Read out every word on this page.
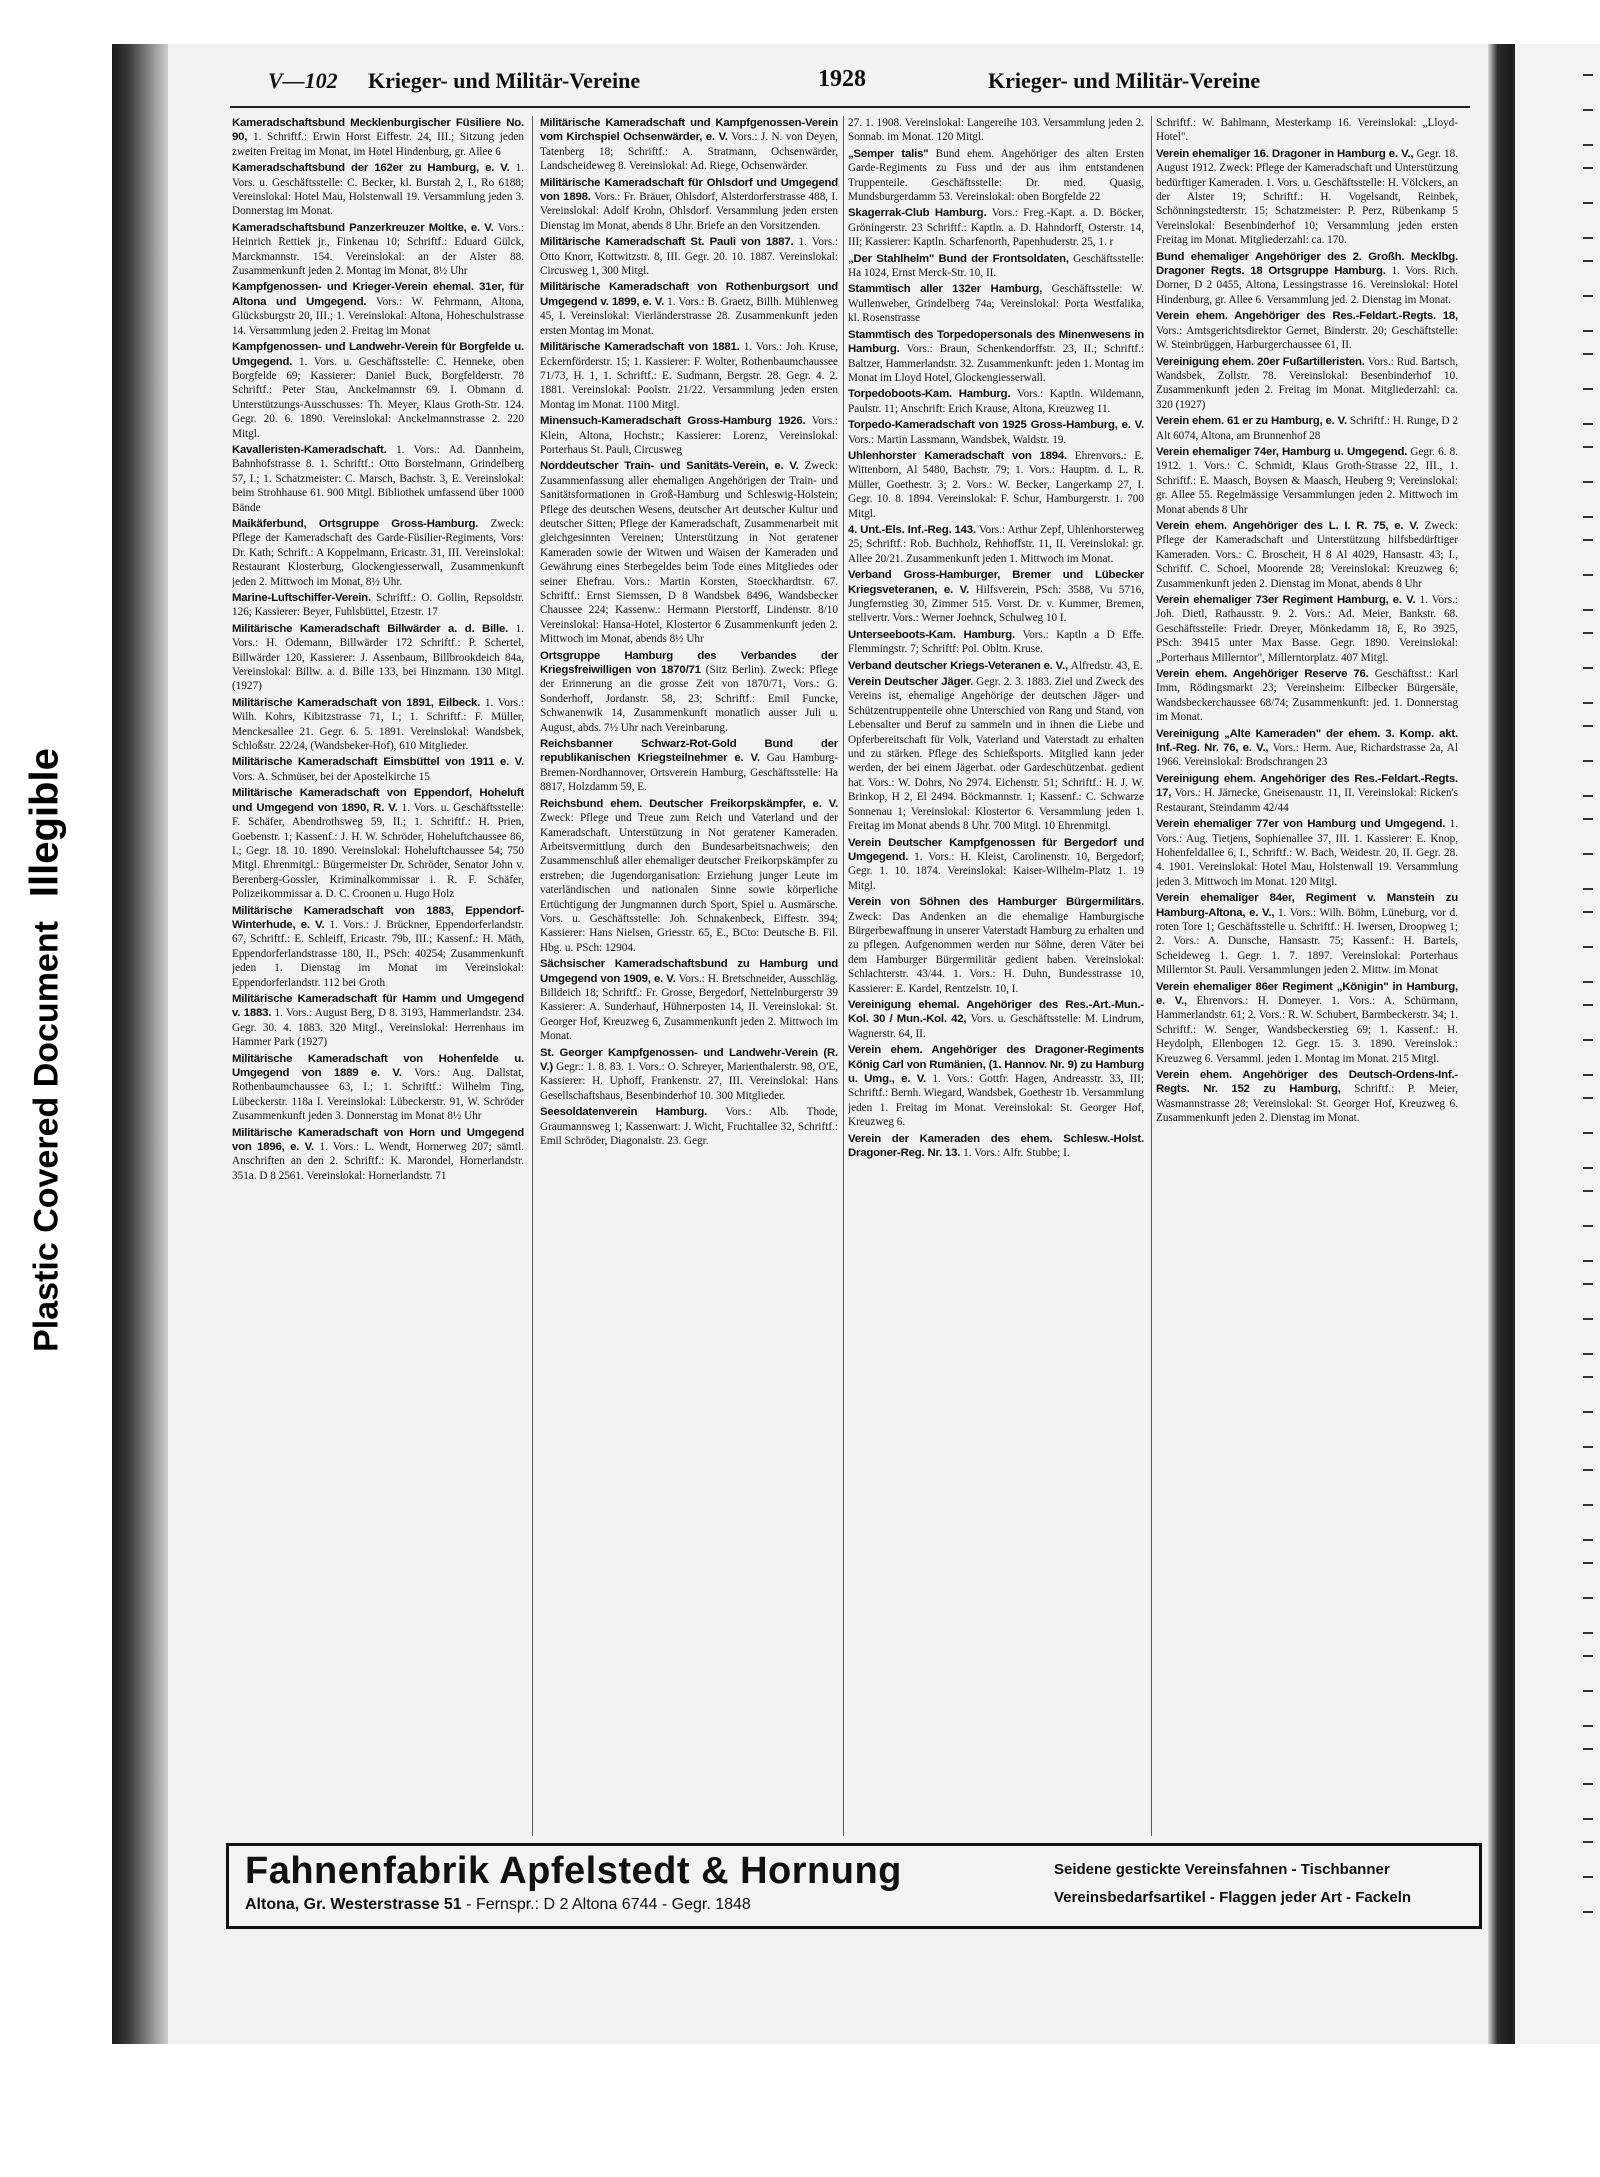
Plastic Covered DocumentIllegible
V—102 Krieger- und Militär-Vereine	1928	Krieger- und Militär-Vereine

Kameradschaftsbund Mecklenburgischer Füsiliere No. 90, 1. Schriftf.: Erwin Horst Eiffestr. 24, III.; Sitzung jeden zweiten Freitag im Monat, im Hotel Hindenburg, gr. Allee 6

Kameradschaftsbund der 162er zu Hamburg, e. V. 1. Vors. u. Geschäftsstelle: C. Becker, kl. Burstah 2, I., Ro 6188; Vereinslokal: Hotel Mau, Holstenwall 19. Versammlung jeden 3. Donnerstag im Monat.

Kameradschaftsbund Panzerkreuzer Moltke, e. V. Vors.: Heinrich Rettiek jr., Finkenau 10; Schriftf.: Eduard Gülck, Marckmannstr. 154. Vereinslokal: an der Alster 88. Zusammenkunft jeden 2. Montag im Monat, 8½ Uhr

Kampfgenossen- und Krieger-Verein ehemal. 31er, für Altona und Umgegend. Vors.: W. Fehrmann, Altona, Glücksburgstr 20, III.; 1. Vereinslokal: Altona, Hoheschulstrasse 14. Versammlung jeden 2. Freitag im Monat

Kampfgenossen- und Landwehr-Verein für Borgfelde u. Umgegend. 1. Vors. u. Geschäftsstelle: C. Henneke, oben Borgfelde 69; Kassierer: Daniel Buck, Borgfelderstr. 78 Schriftf.: Peter Stau, Anckelmannstr 69. I. Obmann d. Unterstützungs-Ausschusses: Th. Meyer, Klaus Groth-Str. 124. Gegr. 20. 6. 1890. Vereinslokal: Anckelmannstrasse 2. 220 Mitgl.

Kavalleristen-Kameradschaft. 1. Vors.: Ad. Dannheim, Bahnhofstrasse 8. 1. Schriftf.: Otto Borstelmann, Grindelberg 57, I.; 1. Schatzmeister: C. Marsch, Bachstr. 3, E. Vereinslokal: beim Strohhause 61. 900 Mitgl. Bibliothek umfassend über 1000 Bände

Maikäferbund, Ortsgruppe Gross-Hamburg. Zweck: Pflege der Kameradschaft des Garde-Füsilier-Regiments, Vors: Dr. Kath; Schrift.: A Koppelmann, Ericastr. 31, III. Vereinslokal: Restaurant Klosterburg, Glockengiesserwall, Zusammenkunft jeden 2. Mittwoch im Monat, 8½ Uhr.

Marine-Luftschiffer-Verein. Schriftf.: O. Gollin, Repsoldstr. 126; Kassierer: Beyer, Fuhlsbüttel, Etzestr. 17

Militärische Kameradschaft Billwärder a. d. Bille. 1. Vors.: H. Odemann, Billwärder 172 Schriftf.: P. Schertel, Billwärder 120, Kassierer: J. Assenbaum, Billbrookdeich 84a, Vereinslokal: Billw. a. d. Bille 133, bei Hinzmann. 130 Mitgl. (1927)

Militärische Kameradschaft von 1891, Eilbeck. 1. Vors.: Wilh. Kohrs, Kibitzstrasse 71, I.; 1. Schriftf.: F. Müller, Menckesallee 21. Gegr. 6. 5. 1891. Vereinslokal: Wandsbek, Schloßstr. 22/24, (Wandsbeker-Hof), 610 Mitglieder.

Militärische Kameradschaft Eimsbüttel von 1911 e. V. Vors. A. Schmüser, bei der Apostelkirche 15

Militärische Kameradschaft von Eppendorf, Hoheluft und Umgegend von 1890, R. V. 1. Vors. u. Geschäftsstelle: F. Schäfer, Abendrothsweg 59, II.; 1. Schriftf.: H. Prien, Goebenstr. 1; Kassenf.: J. H. W. Schröder, Hoheluftchaussee 86, I.; Gegr. 18. 10. 1890. Vereinslokal: Hoheluftchaussee 54; 750 Mitgl. Ehrenmitgl.: Bürgermeister Dr. Schröder, Senator John v. Berenberg-Gossler, Kriminalkommissar i. R. F. Schäfer, Polizeikommissar a. D. C. Croonen u. Hugo Holz

Militärische Kameradschaft von 1883, Eppendorf-Winterhude, e. V. 1. Vors.: J. Brückner, Eppendorferlandstr. 67, Schriftf.: E. Schleiff, Ericastr. 79b, III.; Kassenf.: H. Mäth, Eppendorferlandstrasse 180, II., PSch: 40254; Zusammenkunft jeden 1. Dienstag im Monat im Vereinslokal: Eppendorferlandstr. 112 bei Groth

Militärische Kameradschaft für Hamm und Umgegend v. 1883. 1. Vors.: August Berg, D 8. 3193, Hammerlandstr. 234. Gegr. 30. 4. 1883. 320 Mitgl., Vereinslokal: Herrenhaus im Hammer Park (1927)

Militärische Kameradschaft von Hohenfelde u. Umgegend von 1889 e. V. Vors.: Aug. Dallstat, Rothenbaumchaussee 63, I.; 1. Schriftf.: Wilhelm Ting, Lübeckerstr. 118a I. Vereinslokal: Lübeckerstr. 91, W. Schröder Zusammenkunft jeden 3. Donnerstag im Monat 8½ Uhr

Militärische Kameradschaft von Horn und Umgegend von 1896, e. V. 1. Vors.: L. Wendt, Hornerweg 207; sämtl. Anschriften an den 2. Schriftf.: K. Marondel, Hornerlandstr. 351a. D 8 2561. Vereinslokal: Hornerlandstr. 71

Militärische Kameradschaft und Kampfgenossen-Verein vom Kirchspiel Ochsenwärder, e. V. Vors.: J. N. von Deyen, Tatenberg 18; Schriftf.: A. Stratmann, Ochsenwärder, Landscheideweg 8. Vereinslokal: Ad. Riege, Ochsenwärder.

Militärische Kameradschaft für Ohlsdorf und Umgegend von 1898. Vors.: Fr. Bräuer, Ohlsdorf, Alsterdorferstrasse 488, I. Vereinslokal: Adolf Krohn, Ohlsdorf. Versammlung jeden ersten Dienstag im Monat, abends 8 Uhr. Briefe an den Vorsitzenden.

Militärische Kameradschaft St. Pauli von 1887. 1. Vors.: Otto Knorr, Kottwitzstr. 8, III. Gegr. 20. 10. 1887. Vereinslokal: Circusweg 1, 300 Mitgl.

Militärische Kameradschaft von Rothenburgsort und Umgegend v. 1899, e. V. 1. Vors.: B. Graetz, Billh. Mühlenweg 45, I. Vereinslokal: Vierländerstrasse 28. Zusammenkunft jeden ersten Montag im Monat.

Militärische Kameradschaft von 1881. 1. Vors.: Joh. Kruse, Eckernförderstr. 15; 1. Kassierer: F. Wolter, Rothenbaumchaussee 71/73, H. 1, 1. Schriftf.: E. Sudmann, Bergstr. 28. Gegr. 4. 2. 1881. Vereinslokal: Poolstr. 21/22. Versammlung jeden ersten Montag im Monat. 1100 Mitgl.

Minensuch-Kameradschaft Gross-Hamburg 1926. Vors.: Klein, Altona, Hochstr.; Kassierer: Lorenz, Vereinslokal: Porterhaus St. Pauli, Circusweg

Norddeutscher Train- und Sanitäts-Verein, e. V. Zweck: Zusammenfassung aller ehemaligen Angehörigen der Train- und Sanitätsformationen in Groß-Hamburg und Schleswig-Holstein; Pflege des deutschen Wesens, deutscher Art deutscher Kultur und deutscher Sitten; Pflege der Kameradschaft, Zusammenarbeit mit gleichgesinnten Vereinen; Unterstützung in Not geratener Kameraden sowie der Witwen und Waisen der Kameraden und Gewährung eines Sterbegeldes beim Tode eines Mitgliedes oder seiner Ehefrau. Vors.: Martin Korsten, Stoeckhardtstr. 67. Schriftf.: Ernst Siemssen, D 8 Wandsbek 8496, Wandsbecker Chaussee 224; Kassenw.: Hermann Pierstorff, Lindenstr. 8/10 Vereinslokal: Hansa-Hotel, Klostertor 6 Zusammenkunft jeden 2. Mittwoch im Monat, abends 8½ Uhr

Ortsgruppe Hamburg des Verbandes der Kriegsfreiwilligen von 1870/71 (Sitz Berlin). Zweck: Pflege der Erinnerung an die grosse Zeit von 1870/71, Vors.: G. Sonderhoff, Jordanstr. 58, 23; Schriftf.: Emil Funcke, Schwanenwik 14, Zusammenkunft monatlich ausser Juli u. August, abds. 7½ Uhr nach Vereinbarung.

Reichsbanner Schwarz-Rot-Gold Bund der republikanischen Kriegsteilnehmer e. V. Gau Hamburg-Bremen-Nordhannover, Ortsverein Hamburg, Geschäftsstelle: Ha 8817, Holzdamm 59, E.

Reichsbund ehem. Deutscher Freikorpskämpfer, e. V. Zweck: Pflege und Treue zum Reich und Vaterland und der Kameradschaft. Unterstützung in Not geratener Kameraden. Arbeitsvermittlung durch den Bundesarbeitsnachweis; den Zusammenschluß aller ehemaliger deutscher Freikorpskämpfer zu erstreben; die Jugendorganisation: Erziehung junger Leute im vaterländischen und nationalen Sinne sowie körperliche Ertüchtigung der Jungmannen durch Sport, Spiel u. Ausmärsche. Vors. u. Geschäftsstelle: Joh. Schnakenbeck, Eiffestr. 394; Kassierer: Hans Nielsen, Griesstr. 65, E., BCto: Deutsche B. Fil. Hbg. u. PSch: 12904.

Sächsischer Kameradschaftsbund zu Hamburg und Umgegend von 1909, e. V. Vors.: H. Bretschneider, Ausschläg. Billdeich 18; Schriftf.: Fr. Grosse, Bergedorf, Nettelnburgerstr 39 Kassierer: A. Sunderhauf, Hühnerposten 14, II. Vereinslokal: St. Georger Hof, Kreuzweg 6, Zusammenkunft jeden 2. Mittwoch im Monat.

St. Georger Kampfgenossen- und Landwehr-Verein (R. V.) Gegr.: 1. 8. 83. 1. Vors.: O. Schreyer, Marienthalerstr. 98, O'E, Kassierer: H. Uphoff, Frankenstr. 27, III. Vereinslokal: Hans Gesellschaftshaus, Besenbinderhof 10. 300 Mitglieder.

Seesoldatenverein Hamburg. Vors.: Alb. Thode, Graumannsweg 1; Kassenwart: J. Wicht, Fruchtallee 32, Schriftf.: Emil Schröder, Diagonalstr. 23. Gegr.

27. 1. 1908. Vereinslokal: Langereihe 103. Versammlung jeden 2. Sonnab. im Monat. 120 Mitgl.

„Semper talis" Bund ehem. Angehöriger des alten Ersten Garde-Regiments zu Fuss und der aus ihm entstandenen Truppenteile. Geschäftsstelle: Dr. med. Quasig, Mundsburgerdamm 53. Vereinslokal: oben Borgfelde 22

Skagerrak-Club Hamburg. Vors.: Freg.-Kapt. a. D. Böcker, Gröningerstr. 23 Schriftf.: Kaptln. a. D. Hahndorff, Osterstr. 14, III; Kassierer: Kaptln. Scharfenorth, Papenhuderstr. 25, 1. r

„Der Stahlhelm" Bund der Frontsoldaten, Geschäftsstelle: Ha 1024, Ernst Merck-Str. 10, II.

Stammtisch aller 132er Hamburg, Geschäftsstelle: W. Wullenweber, Grindelberg 74a; Vereinslokal: Porta Westfalika, kl. Rosenstrasse

Stammtisch des Torpedopersonals des Minenwesens in Hamburg. Vors.: Braun, Schenkendorffstr. 23, II.; Schriftf.: Baltzer, Hammerlandstr. 32. Zusammenkunft: jeden 1. Montag im Monat im Lloyd Hotel, Glockengiesserwall.

Torpedoboots-Kam. Hamburg. Vors.: Kaptln. Wildemann, Paulstr. 11; Anschrift: Erich Krause, Altona, Kreuzweg 11.

Torpedo-Kameradschaft von 1925 Gross-Hamburg, e. V. Vors.: Martin Lassmann, Wandsbek, Waldstr. 19.

Uhlenhorster Kameradschaft von 1894. Ehrenvors.: E. Wittenborn, Al 5480, Bachstr. 79; 1. Vors.: Hauptm. d. L. R. Müller, Goethestr. 3; 2. Vors.: W. Becker, Langerkamp 27, I. Gegr. 10. 8. 1894. Vereinslokal: F. Schur, Hamburgerstr. 1. 700 Mitgl.

4. Unt.-Els. Inf.-Reg. 143. Vors.: Arthur Zepf, Uhlenhorsterweg 25; Schriftf.: Rob. Buchholz, Rehhoffstr. 11, II. Vereinslokal: gr. Allee 20/21. Zusammenkunft jeden 1. Mittwoch im Monat.

Verband Gross-Hamburger, Bremer und Lübecker Kriegsveteranen, e. V. Hilfsverein, PSch: 3588, Vu 5716, Jungfernstieg 30, Zimmer 515. Vorst. Dr. v. Kummer, Bremen, stellvertr. Vors.: Werner Joehnck, Schulweg 10 I.

Unterseeboots-Kam. Hamburg. Vors.: Kaptln a D Effe. Flemmingstr. 7; Schriftf: Pol. Obltn. Kruse.

Verband deutscher Kriegs-Veteranen e. V., Alfredstr. 43, E.

Verein Deutscher Jäger. Gegr. 2. 3. 1883. Ziel und Zweck des Vereins ist, ehemalige Angehörige der deutschen Jäger- und Schützentruppenteile ohne Unterschied von Rang und Stand, von Lebensalter und Beruf zu sammeln und in ihnen die Liebe und Opferbereitschaft für Volk, Vaterland und Vaterstadt zu erhalten und zu stärken. Pflege des Schießsports. Mitglied kann jeder werden, der bei einem Jägerbat. oder Gardeschützenbat. gedient hat. Vors.: W. Dohrs, No 2974. Eichenstr. 51; Schriftf.: H. J. W. Brinkop, H 2, El 2494. Böckmannstr. 1; Kassenf.: C. Schwarze Sonnenau 1; Vereinslokal: Klostertor 6. Versammlung jeden 1. Freitag im Monat abends 8 Uhr. 700 Mitgl. 10 Ehrenmitgl.

Verein Deutscher Kampfgenossen für Bergedorf und Umgegend. 1. Vors.: H. Kleist, Carolinenstr. 10, Bergedorf; Gegr. 1. 10. 1874. Vereinslokal: Kaiser-Wilhelm-Platz 1. 19 Mitgl.

Verein von Söhnen des Hamburger Bürgermilitärs. Zweck: Das Andenken an die ehemalige Hamburgische Bürgerbewaffnung in unserer Vaterstadt Hamburg zu erhalten und zu pflegen. Aufgenommen werden nur Söhne, deren Väter bei dem Hamburger Bürgermilitär gedient haben. Vereinslokal: Schlachterstr. 43/44. 1. Vors.: H. Duhn, Bundesstrasse 10, Kassierer: E. Kardel, Rentzelstr. 10, I.

Vereinigung ehemal. Angehöriger des Res.-Art.-Mun.-Kol. 30 / Mun.-Kol. 42, Vors. u. Geschäftsstelle: M. Lindrum, Wagnerstr. 64, II.

Verein ehem. Angehöriger des Dragoner-Regiments König Carl von Rumänien, (1. Hannov. Nr. 9) zu Hamburg u. Umg., e. V. 1. Vors.: Gottfr. Hagen, Andreasstr. 33, III; Schriftf.: Bernh. Wiegard, Wandsbek, Goethestr 1b. Versammlung jeden 1. Freitag im Monat. Vereinslokal: St. Georger Hof, Kreuzweg 6.

Verein der Kameraden des ehem. Schlesw.-Holst. Dragoner-Reg. Nr. 13. 1. Vors.: Alfr. Stubbe; I.

Schriftf.: W. Bahlmann, Mesterkamp 16. Vereinslokal: „Lloyd-Hotel".

Verein ehemaliger 16. Dragoner in Hamburg e. V., Gegr. 18. August 1912. Zweck: Pflege der Kameradschaft und Unterstützung bedürftiger Kameraden. 1. Vors. u. Geschäftsstelle: H. Völckers, an der Alster 19; Schriftf.: H. Vogelsandt, Reinbek, Schönningstedterstr. 15; Schatzmeister: P. Perz, Rübenkamp 5 Vereinslokal: Besenbinderhof 10; Versammlung jeden ersten Freitag im Monat. Mitgliederzahl: ca. 170.

Bund ehemaliger Angehöriger des 2. Großh. Mecklbg. Dragoner Regts. 18 Ortsgruppe Hamburg. 1. Vors. Rich. Dorner, D 2 0455, Altona, Lessingstrasse 16. Vereinslokal: Hotel Hindenburg, gr. Allee 6. Versammlung jed. 2. Dienstag im Monat.

Verein ehem. Angehöriger des Res.-Feldart.-Regts. 18, Vors.: Amtsgerichtsdirektor Gernet, Binderstr. 20; Geschäftstelle: W. Steinbrüggen, Harburgerchaussee 61, II.

Vereinigung ehem. 20er Fußartilleristen. Vors.: Rud. Bartsch, Wandsbek, Zollstr. 78. Vereinslokal: Besenbinderhof 10. Zusammenkunft jeden 2. Freitag im Monat. Mitgliederzahl: ca. 320 (1927)

Verein ehem. 61 er zu Hamburg, e. V. Schriftf.: H. Runge, D 2 Alt 6074, Altona, am Brunnenhof 28

Verein ehemaliger 74er, Hamburg u. Umgegend. Gegr. 6. 8. 1912. 1. Vors.: C. Schmidt, Klaus Groth-Strasse 22, III., 1. Schriftf.: E. Maasch, Boysen & Maasch, Heuberg 9; Vereinslokal: gr. Allee 55. Regelmässige Versammlungen jeden 2. Mittwoch im Monat abends 8 Uhr

Verein ehem. Angehöriger des L. I. R. 75, e. V. Zweck: Pflege der Kameradschaft und Unterstützung hilfsbedürftiger Kameraden. Vors.: C. Broscheit, H 8 Al 4029, Hansastr. 43; I., Schriftf. C. Schoel, Moorende 28; Vereinslokal: Kreuzweg 6; Zusammenkunft jeden 2. Dienstag im Monat, abends 8 Uhr

Verein ehemaliger 73er Regiment Hamburg, e. V. 1. Vors.: Joh. Dietl, Rathausstr. 9. 2. Vors.: Ad. Meier, Bankstr. 68. Geschäftsstelle: Friedr. Dreyer, Mönkedamm 18, E, Ro 3925, PSch: 39415 unter Max Basse. Gegr. 1890. Vereinslokal: „Porterhaus Millerntor", Millerntorplatz. 407 Mitgl.

Verein ehem. Angehöriger Reserve 76. Geschäftsst.: Karl Imm, Rödingsmarkt 23; Vereinsheim: Eilbecker Bürgersäle, Wandsbeckerchaussee 68/74; Zusammenkunft: jed. 1. Donnerstag im Monat.

Vereinigung „Alte Kameraden" der ehem. 3. Komp. akt. Inf.-Reg. Nr. 76, e. V., Vors.: Herm. Aue, Richardstrasse 2a, Al 1966. Vereinslokal: Brodschrangen 23

Vereinigung ehem. Angehöriger des Res.-Feldart.-Regts. 17, Vors.: H. Järnecke, Gneisenaustr. 11, II. Vereinslokal: Ricken's Restaurant, Steindamm 42/44

Verein ehemaliger 77er von Hamburg und Umgegend. 1. Vors.: Aug. Tietjens, Sophienallee 37, III. 1. Kassierer: E. Knop, Hohenfeldallee 6, I., Schriftf.: W. Bach, Weidestr. 20, II. Gegr. 28. 4. 1901. Vereinslokal: Hotel Mau, Holstenwall 19. Versammlung jeden 3. Mittwoch im Monat. 120 Mitgl.

Verein ehemaliger 84er, Regiment v. Manstein zu Hamburg-Altona, e. V., 1. Vors.: Wilh. Böhm, Lüneburg, vor d. roten Tore 1; Geschäftsstelle u. Schriftf.: H. Iwersen, Droopweg 1; 2. Vors.: A. Dunsche, Hansastr. 75; Kassenf.: H. Bartels, Scheideweg 1. Gegr. 1. 7. 1897. Vereinslokal: Porterhaus Millerntor St. Pauli. Versammlungen jeden 2. Mittw. im Monat

Verein ehemaliger 86er Regiment „Königin" in Hamburg, e. V., Ehrenvors.: H. Domeyer. 1. Vors.: A. Schürmann, Hammerlandstr. 61; 2. Vors.: R. W. Schubert, Barmbeckerstr. 34; 1. Schriftf.: W. Senger, Wandsbeckerstieg 69; 1. Kassenf.: H. Heydolph, Ellenbogen 12. Gegr. 15. 3. 1890. Vereinslok.: Kreuzweg 6. Versamml. jeden 1. Montag im Monat. 215 Mitgl.

Verein ehem. Angehöriger des Deutsch-Ordens-Inf.-Regts. Nr. 152 zu Hamburg, Schriftf.: P. Meier, Wasmannstrasse 28; Vereinslokal: St. Georger Hof, Kreuzweg 6. Zusammenkunft jeden 2. Dienstag im Monat.

Fahnenfabrik Apfelstedt & Hornung
Altona, Gr. Westerstrasse 51 - Fernspr.: D 2 Altona 6744 - Gegr. 1848
Seidene gestickte Vereinsfahnen - Tischbanner
Vereinsbedarfsartikel - Flaggen jeder Art - Fackeln
